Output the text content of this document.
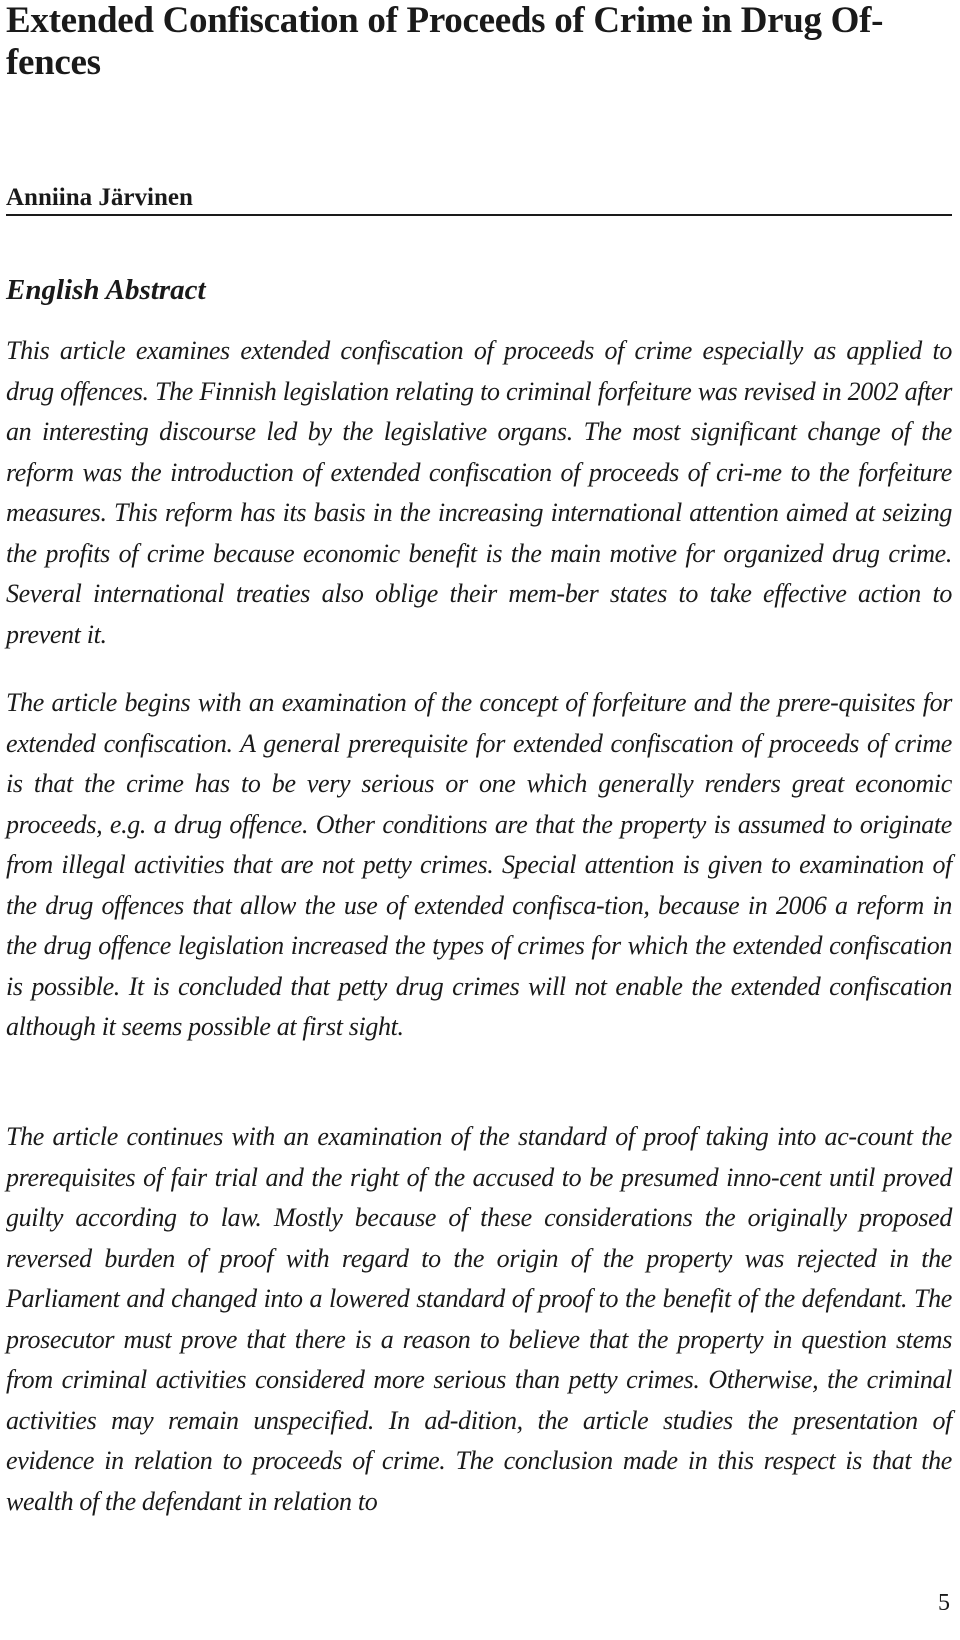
Extended Confiscation of Proceeds of Crime in Drug Of-fences
Anniina Järvinen
English Abstract

This article examines extended confiscation of proceeds of crime especially as applied to drug offences. The Finnish legislation relating to criminal forfeiture was revised in 2002 after an interesting discourse led by the legislative organs. The most significant change of the reform was the introduction of extended confiscation of proceeds of cri-me to the forfeiture measures. This reform has its basis in the increasing international attention aimed at seizing the profits of crime because economic benefit is the main motive for organized drug crime. Several international treaties also oblige their mem-ber states to take effective action to prevent it.

The article begins with an examination of the concept of forfeiture and the prere-quisites for extended confiscation. A general prerequisite for extended confiscation of proceeds of crime is that the crime has to be very serious or one which generally renders great economic proceeds, e.g. a drug offence. Other conditions are that the property is assumed to originate from illegal activities that are not petty crimes. Special attention is given to examination of the drug offences that allow the use of extended confisca-tion, because in 2006 a reform in the drug offence legislation increased the types of crimes for which the extended confiscation is possible. It is concluded that petty drug crimes will not enable the extended confiscation although it seems possible at first sight.

The article continues with an examination of the standard of proof taking into ac-count the prerequisites of fair trial and the right of the accused to be presumed inno-cent until proved guilty according to law. Mostly because of these considerations the originally proposed reversed burden of proof with regard to the origin of the property was rejected in the Parliament and changed into a lowered standard of proof to the benefit of the defendant. The prosecutor must prove that there is a reason to believe that the property in question stems from criminal activities considered more serious than petty crimes. Otherwise, the criminal activities may remain unspecified. In ad-dition, the article studies the presentation of evidence in relation to proceeds of crime. The conclusion made in this respect is that the wealth of the defendant in relation to

5
